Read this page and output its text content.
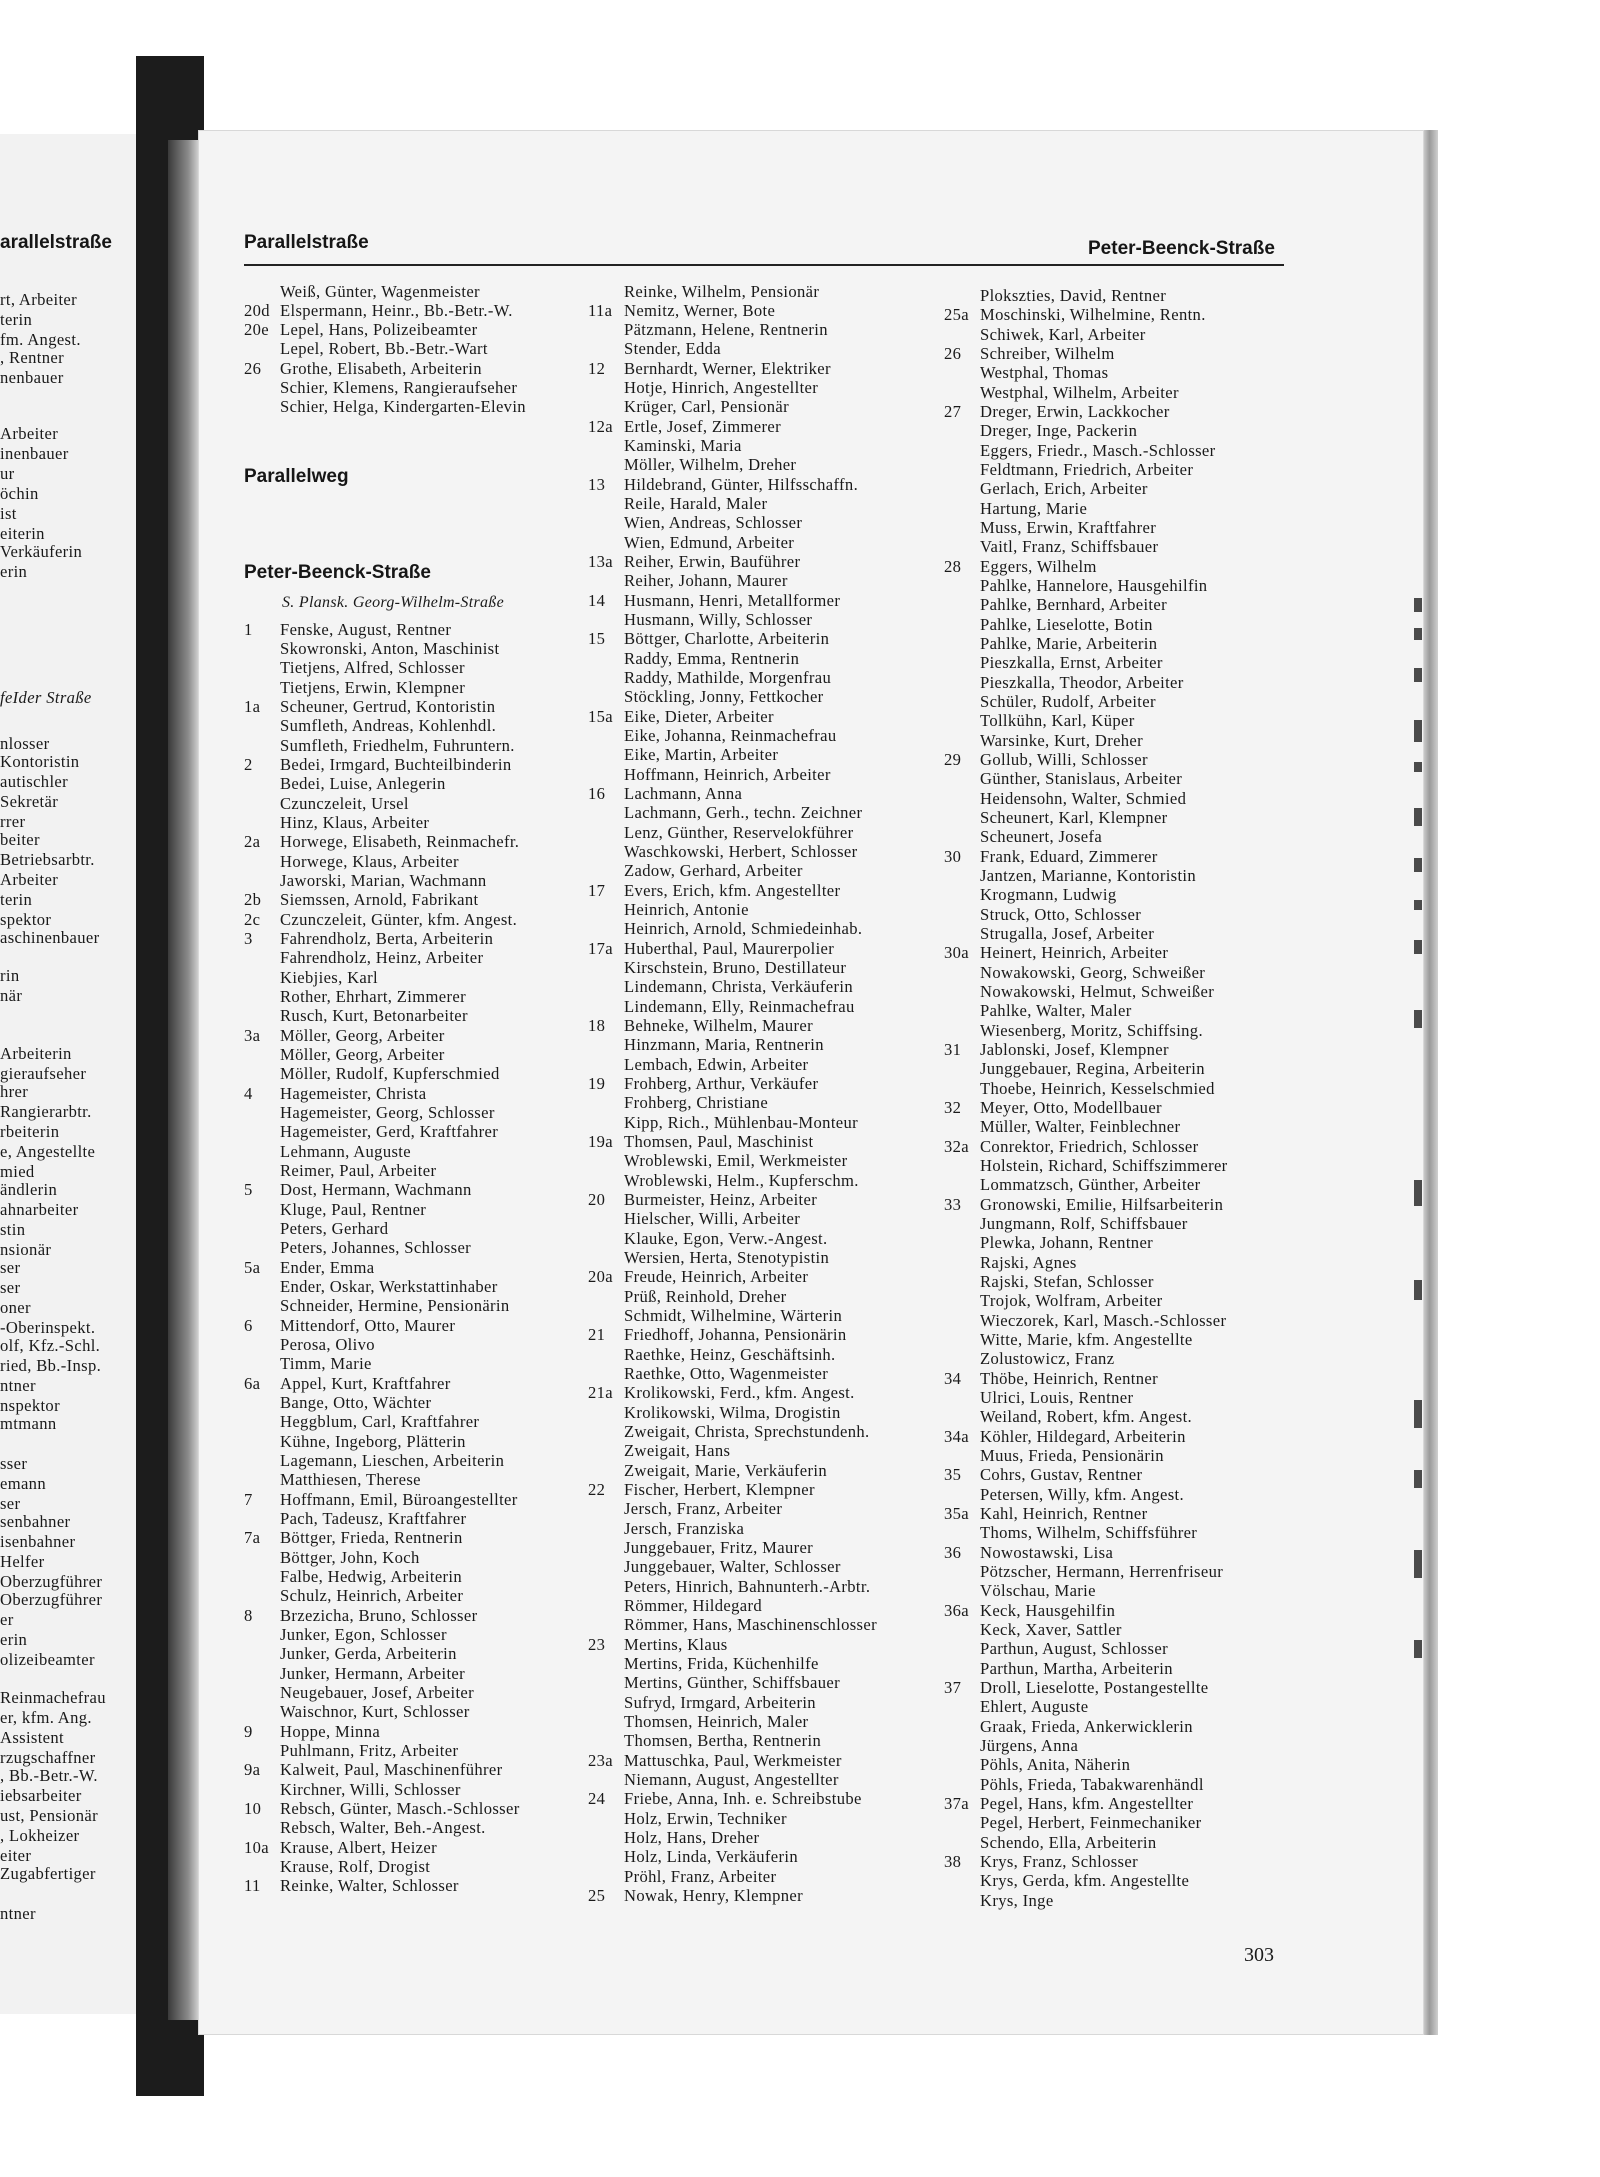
arallelstraße
rt, Arbeiter
terin
fm. Angest.
, Rentner
nenbauer
Arbeiter
inenbauer
ur
öchin
ist
eiterin
Verkäuferin
erin
feIder Straße
nlosser
Kontoristin
autischler
Sekretär
rrer
beiter
Betriebsarbtr.
Arbeiter
terin
spektor
aschinenbauer
rin
när
Arbeiterin
gieraufseher
hrer
Rangierarbtr.
rbeiterin
e, Angestellte
mied
ändlerin
ahnarbeiter
stin
nsionär
ser
ser
oner
-Oberinspekt.
olf, Kfz.-Schl.
ried, Bb.-Insp.
ntner
nspektor
mtmann
sser
emann
ser
senbahner
isenbahner
Helfer
Oberzugführer
Oberzugführer
er
erin
olizeibeamter
Reinmachefrau
er, kfm. Ang.
Assistent
rzugschaffner
, Bb.-Betr.-W.
iebsarbeiter
ust, Pensionär
, Lokheizer
eiter
Zugabfertiger
ntner
Parallelstraße	Peter-Beenck-Straße
Parallelweg
Peter-Beenck-Straße
S. Plansk. Georg-Wilhelm-Straße
Weiß, Günter, Wagenmeister
20d Elspermann, Heinr., Bb.-Betr.-W.
20e Lepel, Hans, Polizeibeamter
Lepel, Robert, Bb.-Betr.-Wart
26	Grothe, Elisabeth, Arbeiterin
Schier, Klemens, Rangieraufseher
Schier, Helga, Kindergarten-Elevin
1	Fenske, August, Rentner
Skowronski, Anton, Maschinist
Tietjens, Alfred, Schlosser
Tietjens, Erwin, Klempner
1a	Scheuner, Gertrud, Kontoristin
Sumfleth, Andreas, Kohlenhdl.
Sumfleth, Friedhelm, Fuhruntern.
2	Bedei, Irmgard, Buchteilbinderin
Bedei, Luise, Anlegerin
Czunczeleit, Ursel
Hinz, Klaus, Arbeiter
2a	Horwege, Elisabeth, Reinmachefr.
Horwege, Klaus, Arbeiter
Jaworski, Marian, Wachmann
2b	Siemssen, Arnold, Fabrikant
2c	Czunczeleit, Günter, kfm. Angest.
3	Fahrendholz, Berta, Arbeiterin
Fahrendholz, Heinz, Arbeiter
Kiebjies, Karl
Rother, Ehrhart, Zimmerer
Rusch, Kurt, Betonarbeiter
3a	Möller, Georg, Arbeiter
Möller, Georg, Arbeiter
Möller, Rudolf, Kupferschmied
4	Hagemeister, Christa
Hagemeister, Georg, Schlosser
Hagemeister, Gerd, Kraftfahrer
Lehmann, Auguste
Reimer, Paul, Arbeiter
5	Dost, Hermann, Wachmann
Kluge, Paul, Rentner
Peters, Gerhard
Peters, Johannes, Schlosser
5a	Ender, Emma
Ender, Oskar, Werkstattinhaber
Schneider, Hermine, Pensionärin
6	Mittendorf, Otto, Maurer
Perosa, Olivo
Timm, Marie
6a	Appel, Kurt, Kraftfahrer
Bange, Otto, Wächter
Heggblum, Carl, Kraftfahrer
Kühne, Ingeborg, Plätterin
Lagemann, Lieschen, Arbeiterin
Matthiesen, Therese
7	Hoffmann, Emil, Büroangestellter
Pach, Tadeusz, Kraftfahrer
7a	Böttger, Frieda, Rentnerin
Böttger, John, Koch
Falbe, Hedwig, Arbeiterin
Schulz, Heinrich, Arbeiter
8	Brzezicha, Bruno, Schlosser
Junker, Egon, Schlosser
Junker, Gerda, Arbeiterin
Junker, Hermann, Arbeiter
Neugebauer, Josef, Arbeiter
Waischnor, Kurt, Schlosser
9	Hoppe, Minna
Puhlmann, Fritz, Arbeiter
9a	Kalweit, Paul, Maschinenführer
Kirchner, Willi, Schlosser
10	Rebsch, Günter, Masch.-Schlosser
Rebsch, Walter, Beh.-Angest.
10a Krause, Albert, Heizer
Krause, Rolf, Drogist
11	Reinke, Walter, Schlosser
Reinke, Wilhelm, Pensionär
11a Nemitz, Werner, Bote
Pätzmann, Helene, Rentnerin
Stender, Edda
12	Bernhardt, Werner, Elektriker
Hotje, Hinrich, Angestellter
Krüger, Carl, Pensionär
12a Ertle, Josef, Zimmerer
Kaminski, Maria
Möller, Wilhelm, Dreher
13	Hildebrand, Günter, Hilfsschaffn.
Reile, Harald, Maler
Wien, Andreas, Schlosser
Wien, Edmund, Arbeiter
13a Reiher, Erwin, Bauführer
Reiher, Johann, Maurer
14	Husmann, Henri, Metallformer
Husmann, Willy, Schlosser
15	Böttger, Charlotte, Arbeiterin
Raddy, Emma, Rentnerin
Raddy, Mathilde, Morgenfrau
Stöckling, Jonny, Fettkocher
15a Eike, Dieter, Arbeiter
Eike, Johanna, Reinmachefrau
Eike, Martin, Arbeiter
Hoffmann, Heinrich, Arbeiter
16	Lachmann, Anna
Lachmann, Gerh., techn. Zeichner
Lenz, Günther, Reservelokführer
Waschkowski, Herbert, Schlosser
Zadow, Gerhard, Arbeiter
17	Evers, Erich, kfm. Angestellter
Heinrich, Antonie
Heinrich, Arnold, Schmiedeinhab.
17a Huberthal, Paul, Maurerpolier
Kirschstein, Bruno, Destillateur
Lindemann, Christa, Verkäuferin
Lindemann, Elly, Reinmachefrau
18	Behneke, Wilhelm, Maurer
Hinzmann, Maria, Rentnerin
Lembach, Edwin, Arbeiter
19	Frohberg, Arthur, Verkäufer
Frohberg, Christiane
Kipp, Rich., Mühlenbau-Monteur
19a Thomsen, Paul, Maschinist
Wroblewski, Emil, Werkmeister
Wroblewski, Helm., Kupferschm.
20	Burmeister, Heinz, Arbeiter
Hielscher, Willi, Arbeiter
Klauke, Egon, Verw.-Angest.
Wersien, Herta, Stenotypistin
20a Freude, Heinrich, Arbeiter
Prüß, Reinhold, Dreher
Schmidt, Wilhelmine, Wärterin
21	Friedhoff, Johanna, Pensionärin
Raethke, Heinz, Geschäftsinh.
Raethke, Otto, Wagenmeister
21a Krolikowski, Ferd., kfm. Angest.
Krolikowski, Wilma, Drogistin
Zweigait, Christa, Sprechstundenh.
Zweigait, Hans
Zweigait, Marie, Verkäuferin
22	Fischer, Herbert, Klempner
Jersch, Franz, Arbeiter
Jersch, Franziska
Junggebauer, Fritz, Maurer
Junggebauer, Walter, Schlosser
Peters, Hinrich, Bahnunterh.-Arbtr.
Römmer, Hildegard
Römmer, Hans, Maschinenschlosser
23	Mertins, Klaus
Mertins, Frida, Küchenhilfe
Mertins, Günther, Schiffsbauer
Sufryd, Irmgard, Arbeiterin
Thomsen, Heinrich, Maler
Thomsen, Bertha, Rentnerin
23a Mattuschka, Paul, Werkmeister
Niemann, August, Angestellter
24	Friebe, Anna, Inh. e. Schreibstube
Holz, Erwin, Techniker
Holz, Hans, Dreher
Holz, Linda, Verkäuferin
Pröhl, Franz, Arbeiter
25	Nowak, Henry, Klempner
Plokszties, David, Rentner
25a Moschinski, Wilhelmine, Rentn.
Schiwek, Karl, Arbeiter
26	Schreiber, Wilhelm
Westphal, Thomas
Westphal, Wilhelm, Arbeiter
27	Dreger, Erwin, Lackkocher
Dreger, Inge, Packerin
Eggers, Friedr., Masch.-Schlosser
Feldtmann, Friedrich, Arbeiter
Gerlach, Erich, Arbeiter
Hartung, Marie
Muss, Erwin, Kraftfahrer
Vaitl, Franz, Schiffsbauer
28	Eggers, Wilhelm
Pahlke, Hannelore, Hausgehilfin
Pahlke, Bernhard, Arbeiter
Pahlke, Lieselotte, Botin
Pahlke, Marie, Arbeiterin
Pieszkalla, Ernst, Arbeiter
Pieszkalla, Theodor, Arbeiter
Schüler, Rudolf, Arbeiter
Tollkühn, Karl, Küper
Warsinke, Kurt, Dreher
29	Gollub, Willi, Schlosser
Günther, Stanislaus, Arbeiter
Heidensohn, Walter, Schmied
Scheunert, Karl, Klempner
Scheunert, Josefa
30	Frank, Eduard, Zimmerer
Jantzen, Marianne, Kontoristin
Krogmann, Ludwig
Struck, Otto, Schlosser
Strugalla, Josef, Arbeiter
30a Heinert, Heinrich, Arbeiter
Nowakowski, Georg, Schweißer
Nowakowski, Helmut, Schweißer
Pahlke, Walter, Maler
Wiesenberg, Moritz, Schiffsing.
31	Jablonski, Josef, Klempner
Junggebauer, Regina, Arbeiterin
Thoebe, Heinrich, Kesselschmied
32	Meyer, Otto, Modellbauer
Müller, Walter, Feinblechner
32a Conrektor, Friedrich, Schlosser
Holstein, Richard, Schiffszimmerer
Lommatzsch, Günther, Arbeiter
33	Gronowski, Emilie, Hilfsarbeiterin
Jungmann, Rolf, Schiffsbauer
Plewka, Johann, Rentner
Rajski, Agnes
Rajski, Stefan, Schlosser
Trojok, Wolfram, Arbeiter
Wieczorek, Karl, Masch.-Schlosser
Witte, Marie, kfm. Angestellte
Zolustowicz, Franz
34	Thöbe, Heinrich, Rentner
Ulrici, Louis, Rentner
Weiland, Robert, kfm. Angest.
34a Köhler, Hildegard, Arbeiterin
Muus, Frieda, Pensionärin
35	Cohrs, Gustav, Rentner
Petersen, Willy, kfm. Angest.
35a Kahl, Heinrich, Rentner
Thoms, Wilhelm, Schiffsführer
36	Nowostawski, Lisa
Pötzscher, Hermann, Herrenfriseur
Völschau, Marie
36a Keck, Hausgehilfin
Keck, Xaver, Sattler
Parthun, August, Schlosser
Parthun, Martha, Arbeiterin
37	Droll, Lieselotte, Postangestellte
Ehlert, Auguste
Graak, Frieda, Ankerwicklerin
Jürgens, Anna
Pöhls, Anita, Näherin
Pöhls, Frieda, Tabakwarenhändl
37a Pegel, Hans, kfm. Angestellter
Pegel, Herbert, Feinmechaniker
Schendo, Ella, Arbeiterin
38	Krys, Franz, Schlosser
Krys, Gerda, kfm. Angestellte
Krys, Inge
303
